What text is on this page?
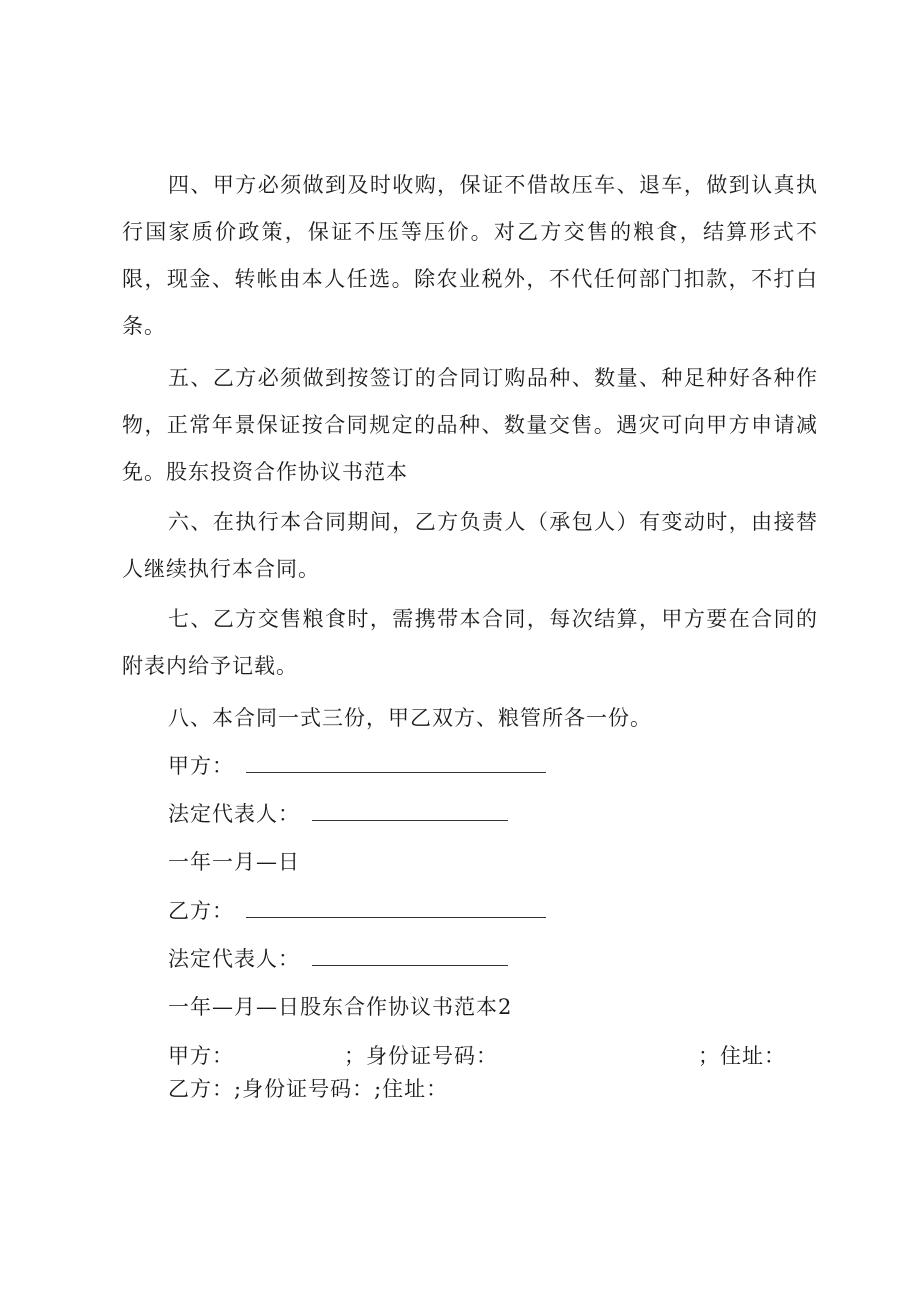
四、甲方必须做到及时收购，保证不借故压车、退车，做到认真执行国家质价政策，保证不压等压价。对乙方交售的粮食，结算形式不限，现金、转帐由本人任选。除农业税外，不代任何部门扣款，不打白条。

五、乙方必须做到按签订的合同订购品种、数量、种足种好各种作物，正常年景保证按合同规定的品种、数量交售。遇灾可向甲方申请减免。股东投资合作协议书范本

六、在执行本合同期间，乙方负责人（承包人）有变动时，由接替人继续执行本合同。

七、乙方交售粮食时，需携带本合同，每次结算，甲方要在合同的附表内给予记载。

八、本合同一式三份，甲乙双方、粮管所各一份。
甲方：
法定代表人：
一年一月—日
乙方：
法定代表人：
一年—月—日股东合作协议书范本2
甲方：	；身份证号码：	；住址：
乙方：;身份证号码：;住址：
